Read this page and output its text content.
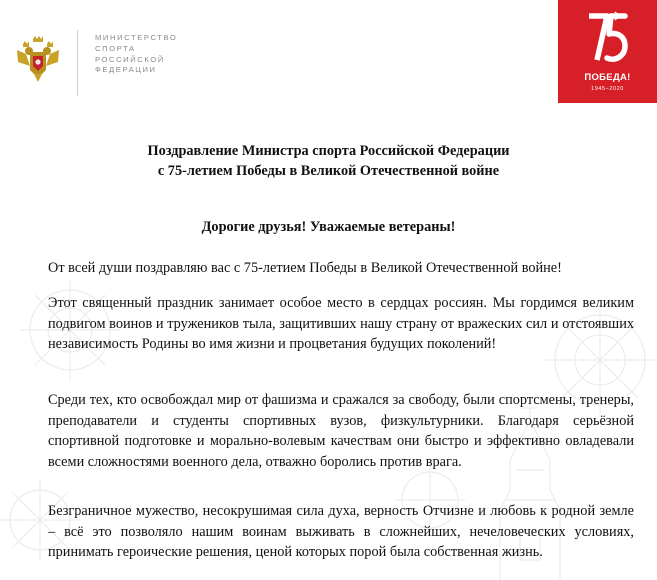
МИНИСТЕРСТВО
СПОРТА
РОССИЙСКОЙ
ФЕДЕРАЦИИ
ПОБЕДА!
1945–2020
Поздравление Министра спорта Российской Федерации
с 75-летием Победы в Великой Отечественной войне
Дорогие друзья! Уважаемые ветераны!
От всей души поздравляю вас с 75-летием Победы в Великой Отечественной войне!
Этот священный праздник занимает особое место в сердцах россиян. Мы гордимся великим подвигом воинов и тружеников тыла, защитивших нашу страну от вражеских сил и отстоявших независимость Родины во имя жизни и процветания будущих поколений!
Среди тех, кто освобождал мир от фашизма и сражался за свободу, были спортсмены, тренеры, преподаватели и студенты спортивных вузов, физкультурники. Благодаря серьёзной спортивной подготовке и морально-волевым качествам они быстро и эффективно овладевали всеми сложностями военного дела, отважно боролись против врага.
Безграничное мужество, несокрушимая сила духа, верность Отчизне и любовь к родной земле – всё это позволяло нашим воинам выживать в сложнейших, нечеловеческих условиях, принимать героические решения, ценой которых порой была собственная жизнь.
